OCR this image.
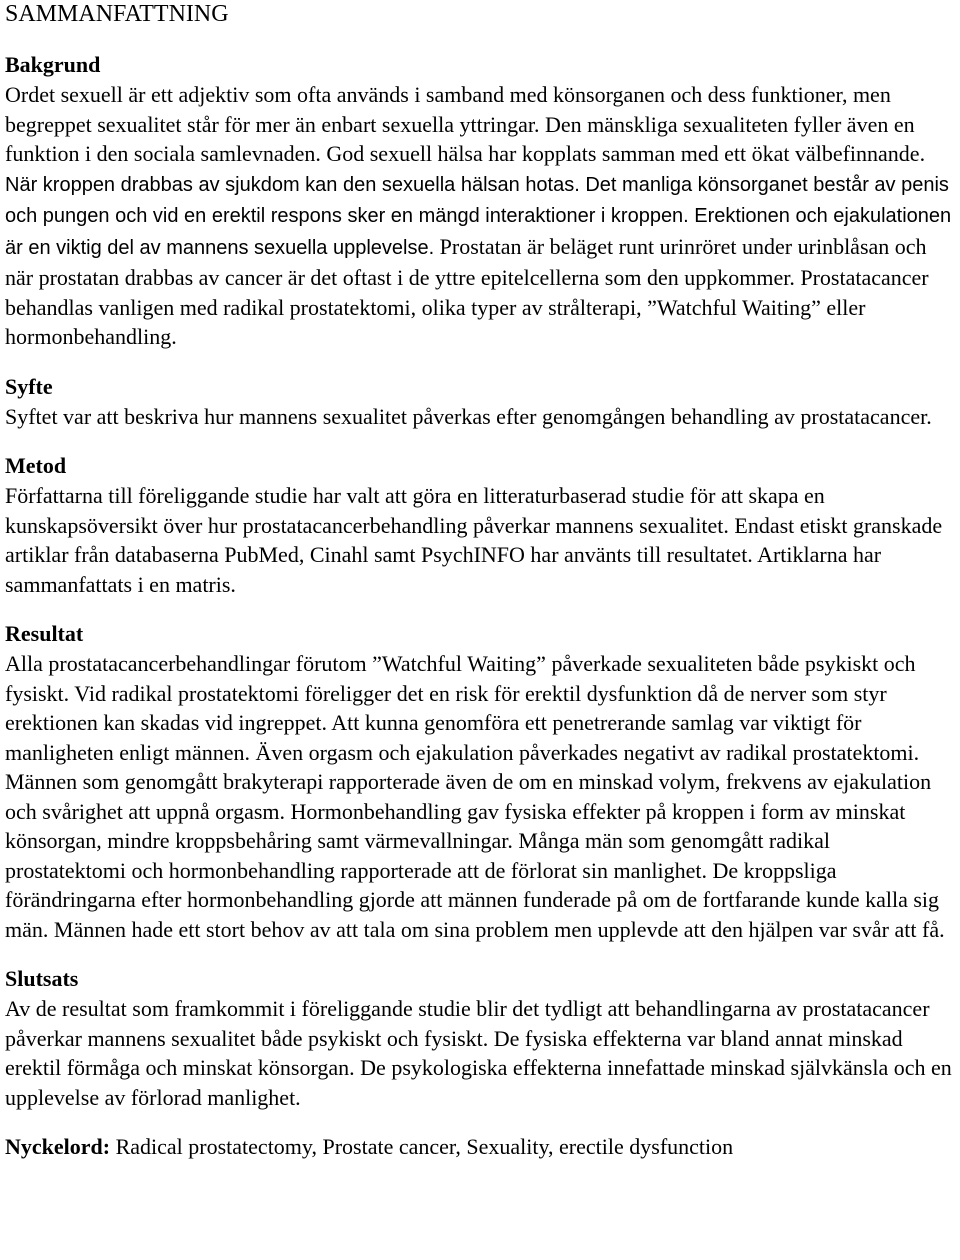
SAMMANFATTNING
Bakgrund

Ordet sexuell är ett adjektiv som ofta används i samband med könsorganen och dess funktioner, men begreppet sexualitet står för mer än enbart sexuella yttringar. Den mänskliga sexualiteten fyller även en funktion i den sociala samlevnaden. God sexuell hälsa har kopplats samman med ett ökat välbefinnande. När kroppen drabbas av sjukdom kan den sexuella hälsan hotas. Det manliga könsorganet består av penis och pungen och vid en erektil respons sker en mängd interaktioner i kroppen. Erektionen och ejakulationen är en viktig del av mannens sexuella upplevelse. Prostatan är beläget runt urinröret under urinblåsan och när prostatan drabbas av cancer är det oftast i de yttre epitelcellerna som den uppkommer. Prostatacancer behandlas vanligen med radikal prostatektomi, olika typer av strålterapi, ”Watchful Waiting” eller hormonbehandling.

Syfte

Syftet var att beskriva hur mannens sexualitet påverkas efter genomgången behandling av prostatacancer.

Metod

Författarna till föreliggande studie har valt att göra en litteraturbaserad studie för att skapa en kunskapsöversikt över hur prostatacancerbehandling påverkar mannens sexualitet. Endast etiskt granskade artiklar från databaserna PubMed, Cinahl samt PsychINFO har använts till resultatet. Artiklarna har sammanfattats i en matris.

Resultat

Alla prostatacancerbehandlingar förutom ”Watchful Waiting” påverkade sexualiteten både psykiskt och fysiskt. Vid radikal prostatektomi föreligger det en risk för erektil dysfunktion då de nerver som styr erektionen kan skadas vid ingreppet. Att kunna genomföra ett penetrerande samlag var viktigt för manligheten enligt männen. Även orgasm och ejakulation påverkades negativt av radikal prostatektomi. Männen som genomgått brakyterapi rapporterade även de om en minskad volym, frekvens av ejakulation och svårighet att uppnå orgasm. Hormonbehandling gav fysiska effekter på kroppen i form av minskat könsorgan, mindre kroppsbehåring samt värmevallningar. Många män som genomgått radikal prostatektomi och hormonbehandling rapporterade att de förlorat sin manlighet. De kroppsliga förändringarna efter hormonbehandling gjorde att männen funderade på om de fortfarande kunde kalla sig män. Männen hade ett stort behov av att tala om sina problem men upplevde att den hjälpen var svår att få.

Slutsats

Av de resultat som framkommit i föreliggande studie blir det tydligt att behandlingarna av prostatacancer påverkar mannens sexualitet både psykiskt och fysiskt. De fysiska effekterna var bland annat minskad erektil förmåga och minskat könsorgan. De psykologiska effekterna innefattade minskad självkänsla och en upplevelse av förlorad manlighet.

Nyckelord: Radical prostatectomy, Prostate cancer, Sexuality, erectile dysfunction
